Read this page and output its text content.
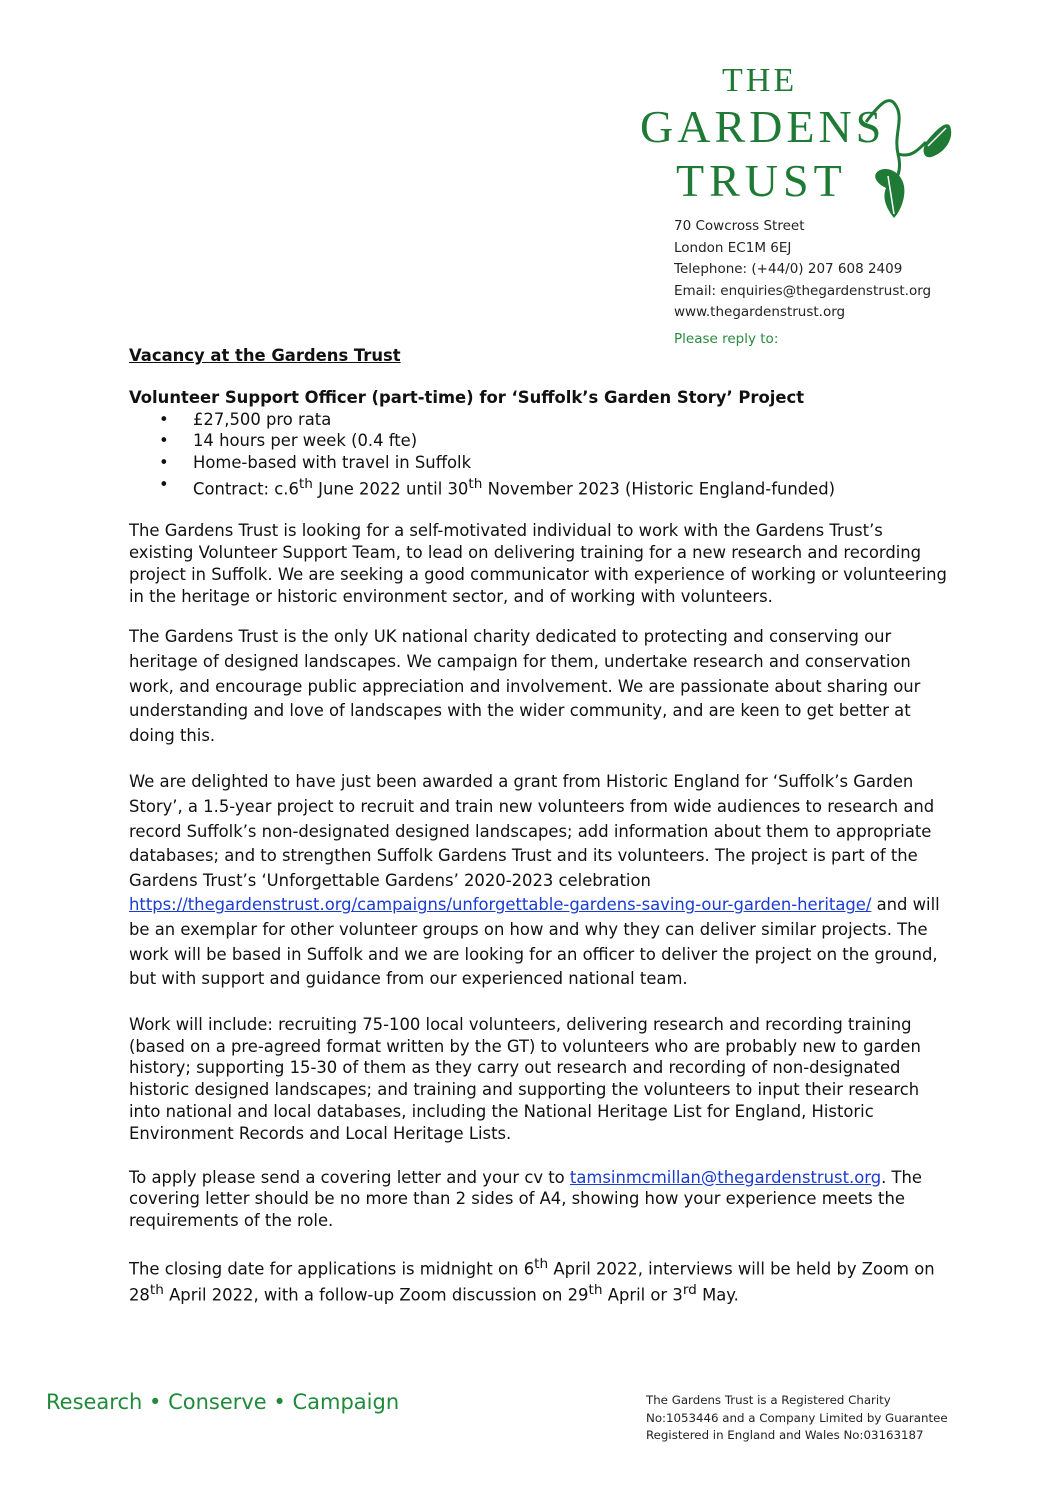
THE
GARDENS
TRUST
70 Cowcross Street
London EC1M 6EJ
Telephone: (+44/0) 207 608 2409
Email: enquiries@thegardenstrust.org
www.thegardenstrust.org
Please reply to:

Vacancy at the Gardens Trust

Volunteer Support Officer (part-time) for ‘Suffolk’s Garden Story’ Project

• £27,500 pro rata
• 14 hours per week (0.4 fte)
• Home-based with travel in Suffolk
• Contract: c.6th June 2022 until 30th November 2023 (Historic England-funded)

The Gardens Trust is looking for a self-motivated individual to work with the Gardens Trust’s existing Volunteer Support Team, to lead on delivering training for a new research and recording project in Suffolk. We are seeking a good communicator with experience of working or volunteering in the heritage or historic environment sector, and of working with volunteers.

The Gardens Trust is the only UK national charity dedicated to protecting and conserving our heritage of designed landscapes. We campaign for them, undertake research and conservation work, and encourage public appreciation and involvement. We are passionate about sharing our understanding and love of landscapes with the wider community, and are keen to get better at doing this.

We are delighted to have just been awarded a grant from Historic England for ‘Suffolk’s Garden Story’, a 1.5-year project to recruit and train new volunteers from wide audiences to research and record Suffolk’s non-designated designed landscapes; add information about them to appropriate databases; and to strengthen Suffolk Gardens Trust and its volunteers. The project is part of the Gardens Trust’s ‘Unforgettable Gardens’ 2020-2023 celebration https://thegardenstrust.org/campaigns/unforgettable-gardens-saving-our-garden-heritage/ and will be an exemplar for other volunteer groups on how and why they can deliver similar projects. The work will be based in Suffolk and we are looking for an officer to deliver the project on the ground, but with support and guidance from our experienced national team.

Work will include: recruiting 75-100 local volunteers, delivering research and recording training (based on a pre-agreed format written by the GT) to volunteers who are probably new to garden history; supporting 15-30 of them as they carry out research and recording of non-designated historic designed landscapes; and training and supporting the volunteers to input their research into national and local databases, including the National Heritage List for England, Historic Environment Records and Local Heritage Lists.

To apply please send a covering letter and your cv to tamsinmcmillan@thegardenstrust.org. The covering letter should be no more than 2 sides of A4, showing how your experience meets the requirements of the role.

The closing date for applications is midnight on 6th April 2022, interviews will be held by Zoom on 28th April 2022, with a follow-up Zoom discussion on 29th April or 3rd May.

Research • Conserve • Campaign	The Gardens Trust is a Registered Charity
No:1053446 and a Company Limited by Guarantee
Registered in England and Wales No:03163187
